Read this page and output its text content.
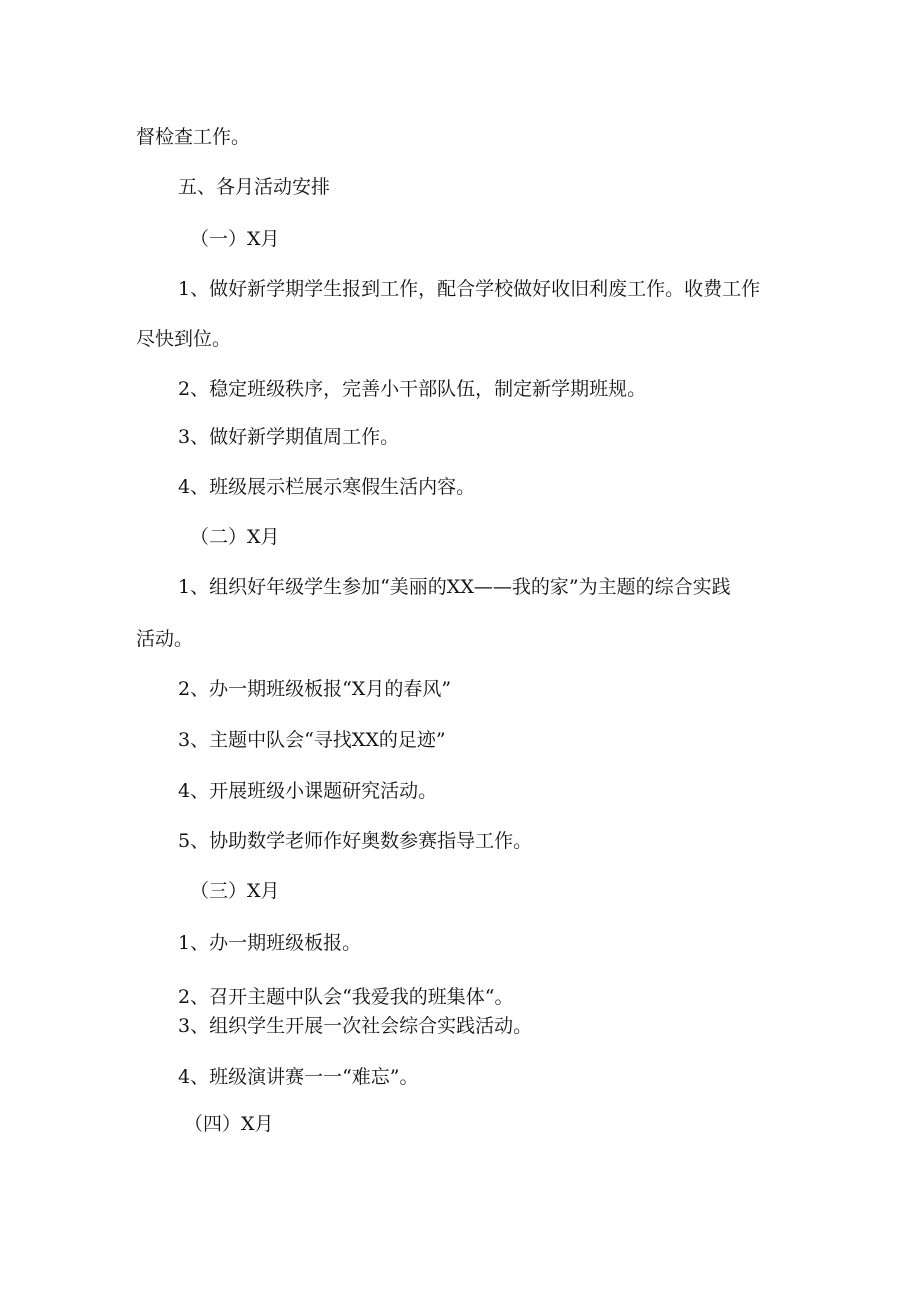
督检查工作。
五、各月活动安排
（一）X月
1、做好新学期学生报到工作，配合学校做好收旧利废工作。收费工作
尽快到位。
2、稳定班级秩序，完善小干部队伍，制定新学期班规。
3、做好新学期值周工作。
4、班级展示栏展示寒假生活内容。
（二）X月
1、组织好年级学生参加“美丽的XX——我的家”为主题的综合实践
活动。
2、办一期班级板报“X月的春风”
3、主题中队会“寻找XX的足迹”
4、开展班级小课题研究活动。
5、协助数学老师作好奥数参赛指导工作。
（三）X月
1、办一期班级板报。
2、召开主题中队会“我爱我的班集体“。
3、组织学生开展一次社会综合实践活动。
4、班级演讲赛一一“难忘”。
（四）X月
